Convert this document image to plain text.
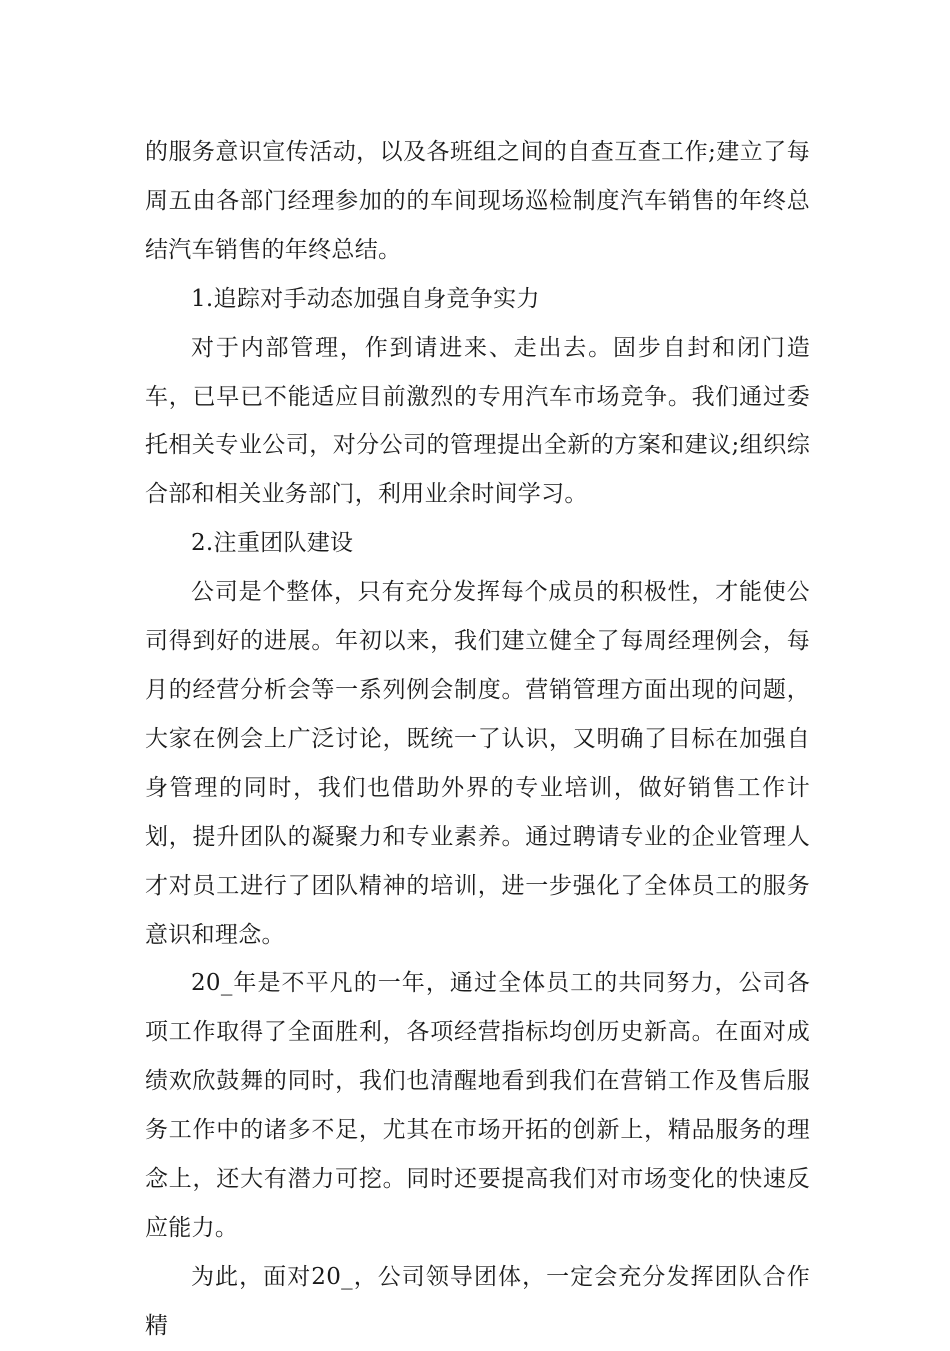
的服务意识宣传活动，以及各班组之间的自查互查工作;建立了每周五由各部门经理参加的的车间现场巡检制度汽车销售的年终总结汽车销售的年终总结。

1.追踪对手动态加强自身竞争实力

对于内部管理，作到请进来、走出去。固步自封和闭门造车，已早已不能适应目前激烈的专用汽车市场竞争。我们通过委托相关专业公司，对分公司的管理提出全新的方案和建议;组织综合部和相关业务部门，利用业余时间学习。

2.注重团队建设

公司是个整体，只有充分发挥每个成员的积极性，才能使公司得到好的进展。年初以来，我们建立健全了每周经理例会，每月的经营分析会等一系列例会制度。营销管理方面出现的问题，大家在例会上广泛讨论，既统一了认识，又明确了目标在加强自身管理的同时，我们也借助外界的专业培训，做好销售工作计划，提升团队的凝聚力和专业素养。通过聘请专业的企业管理人才对员工进行了团队精神的培训，进一步强化了全体员工的服务意识和理念。

20_年是不平凡的一年，通过全体员工的共同努力，公司各项工作取得了全面胜利，各项经营指标均创历史新高。在面对成绩欢欣鼓舞的同时，我们也清醒地看到我们在营销工作及售后服务工作中的诸多不足，尤其在市场开拓的创新上，精品服务的理念上，还大有潜力可挖。同时还要提高我们对市场变化的快速反应能力。

为此，面对20_，公司领导团体，一定会充分发挥团队合作精
